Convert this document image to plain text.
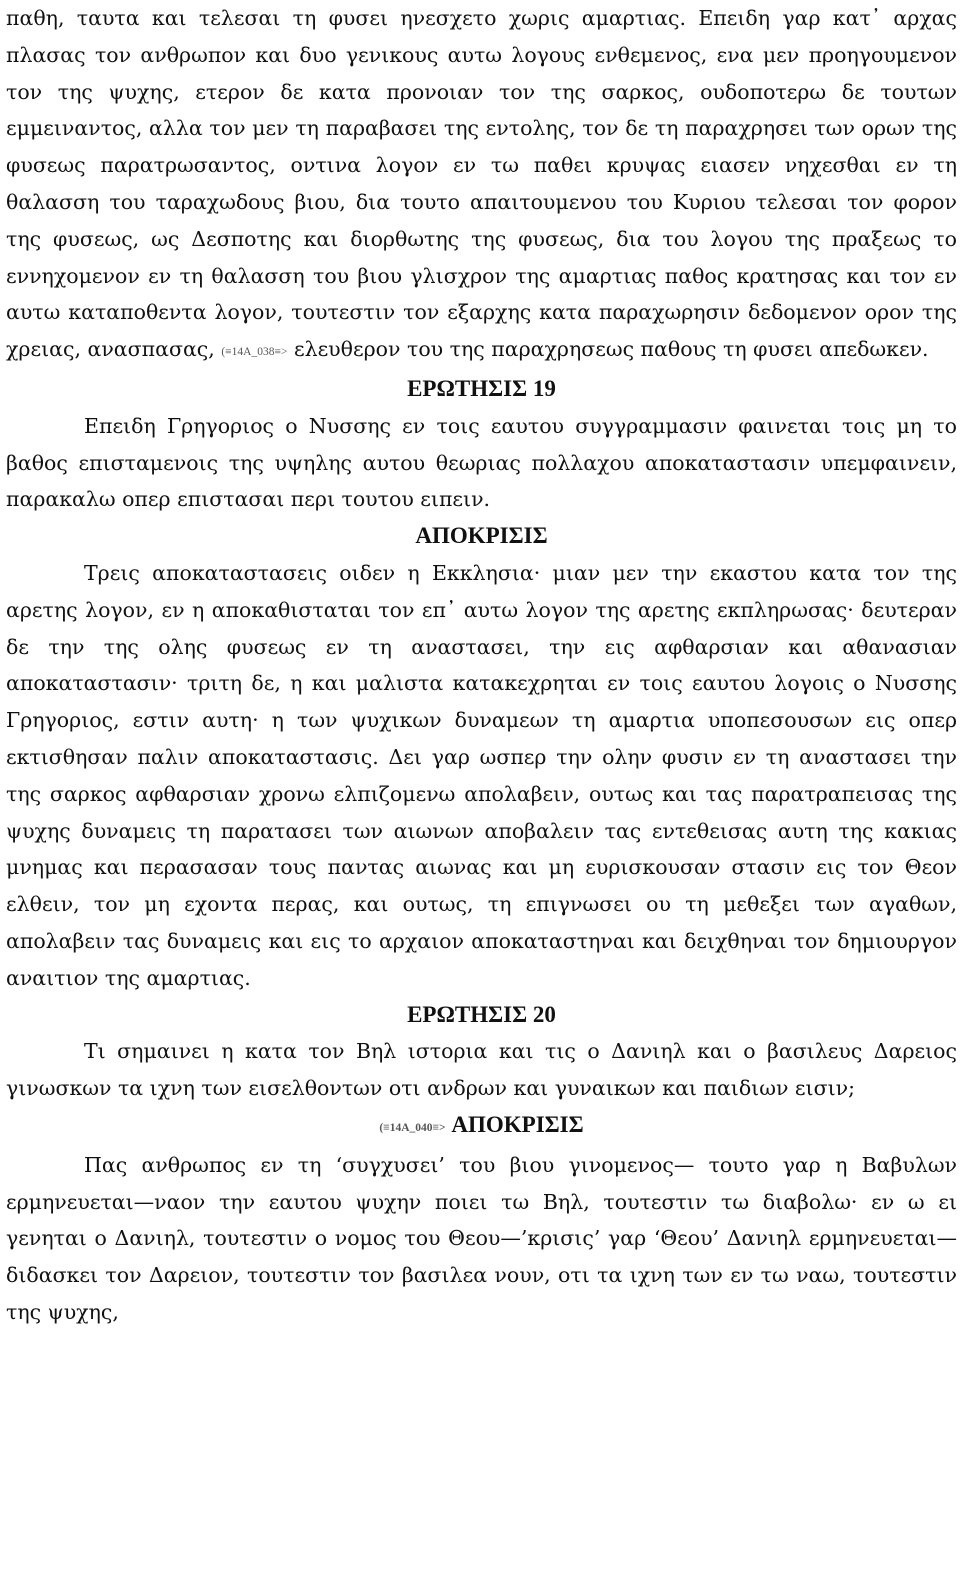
παθη, ταυτα και τελεσαι τη φυσει ηνεσχετο χωρις αμαρτιας. Επειδη γαρ κατ᾽ αρχας πλασας τον ανθρωπον και δυο γενικους αυτω λογους ενθεμενος, ενα μεν προηγουμενον τον της ψυχης, ετερον δε κατα προνοιαν τον της σαρκος, ουδοποτερω δε τουτων εμμειναντος, αλλα τον μεν τη παραβασει της εντολης, τον δε τη παραχρησει των ορων της φυσεως παρατρωσαντος, οντινα λογον εν τω παθει κρυψας ειασεν νηχεσθαι εν τη θαλασση του ταραχωδους βιου, δια τουτο απαιτουμενου του Κυριου τελεσαι τον φορον της φυσεως, ως Δεσποτης και διορθωτης της φυσεως, δια του λογου της πραξεως το εννηχομενον εν τη θαλασση του βιου γλισχρον της αμαρτιας παθος κρατησας και τον εν αυτω καταποθεντα λογον, τουτεστιν τον εξαρχης κατα παραχωρησιν δεδομενον ορον της χρειας, ανασπασας, (≡14A_038≡> ελευθερον του της παραχρησεως παθους τη φυσει απεδωκεν.

ΕΡΩΤΗΣΙΣ 19

Επειδη Γρηγοριος ο Νυσσης εν τοις εαυτου συγγραμμασιν φαινεται τοις μη το βαθος επισταμενοις της υψηλης αυτου θεωριας πολλαχου αποκαταστασιν υπεμφαινειν, παρακαλω οπερ επιστασαι περι τουτου ειπειν.

ΑΠΟΚΡΙΣΙΣ

Τρεις αποκαταστασεις οιδεν η Εκκλησια· μιαν μεν την εκαστου κατα τον της αρετης λογον, εν η αποκαθισταται τον επ᾽ αυτω λογον της αρετης εκπληρωσας· δευτεραν δε την της ολης φυσεως εν τη αναστασει, την εις αφθαρσιαν και αθανασιαν αποκαταστασιν· τριτη δε, η και μαλιστα κατακεχρηται εν τοις εαυτου λογοις ο Νυσσης Γρηγοριος, εστιν αυτη· η των ψυχικων δυναμεων τη αμαρτια υποπεσουσων εις οπερ εκτισθησαν παλιν αποκαταστασις. Δει γαρ ωσπερ την ολην φυσιν εν τη αναστασει την της σαρκος αφθαρσιαν χρονω ελπιζομενω απολαβειν, ουτως και τας παρατραπεισας της ψυχης δυναμεις τη παρατασει των αιωνων αποβαλειν τας εντεθεισας αυτη της κακιας μνημας και περασασαν τους παντας αιωνας και μη ευρισκουσαν στασιν εις τον Θεον ελθειν, τον μη εχοντα περας, και ουτως, τη επιγνωσει ου τη μεθεξει των αγαθων, απολαβειν τας δυναμεις και εις το αρχαιον αποκαταστηναι και δειχθηναι τον δημιουργον αναιτιον της αμαρτιας.

ΕΡΩΤΗΣΙΣ 20

Τι σημαινει η κατα τον Βηλ ιστορια και τις ο Δανιηλ και ο βασιλευς Δαρειος γινωσκων τα ιχνη των εισελθοντων οτι ανδρων και γυναικων και παιδιων εισιν;

(≡14A_040≡> ΑΠΟΚΡΙΣΙΣ

Πας ανθρωπος εν τη ‘συγχυσει’ του βιου γινομενος— τουτο γαρ η Βαβυλων ερμηνευεται—ναον την εαυτου ψυχην ποιει τω Βηλ, τουτεστιν τω διαβολω· εν ω ει γενηται ο Δανιηλ, τουτεστιν ο νομος του Θεου—’κρισις’ γαρ ‘Θεου’ Δανιηλ ερμηνευεται—διδασκει τον Δαρειον, τουτεστιν τον βασιλεα νουν, οτι τα ιχνη των εν τω ναω, τουτεστιν της ψυχης,
